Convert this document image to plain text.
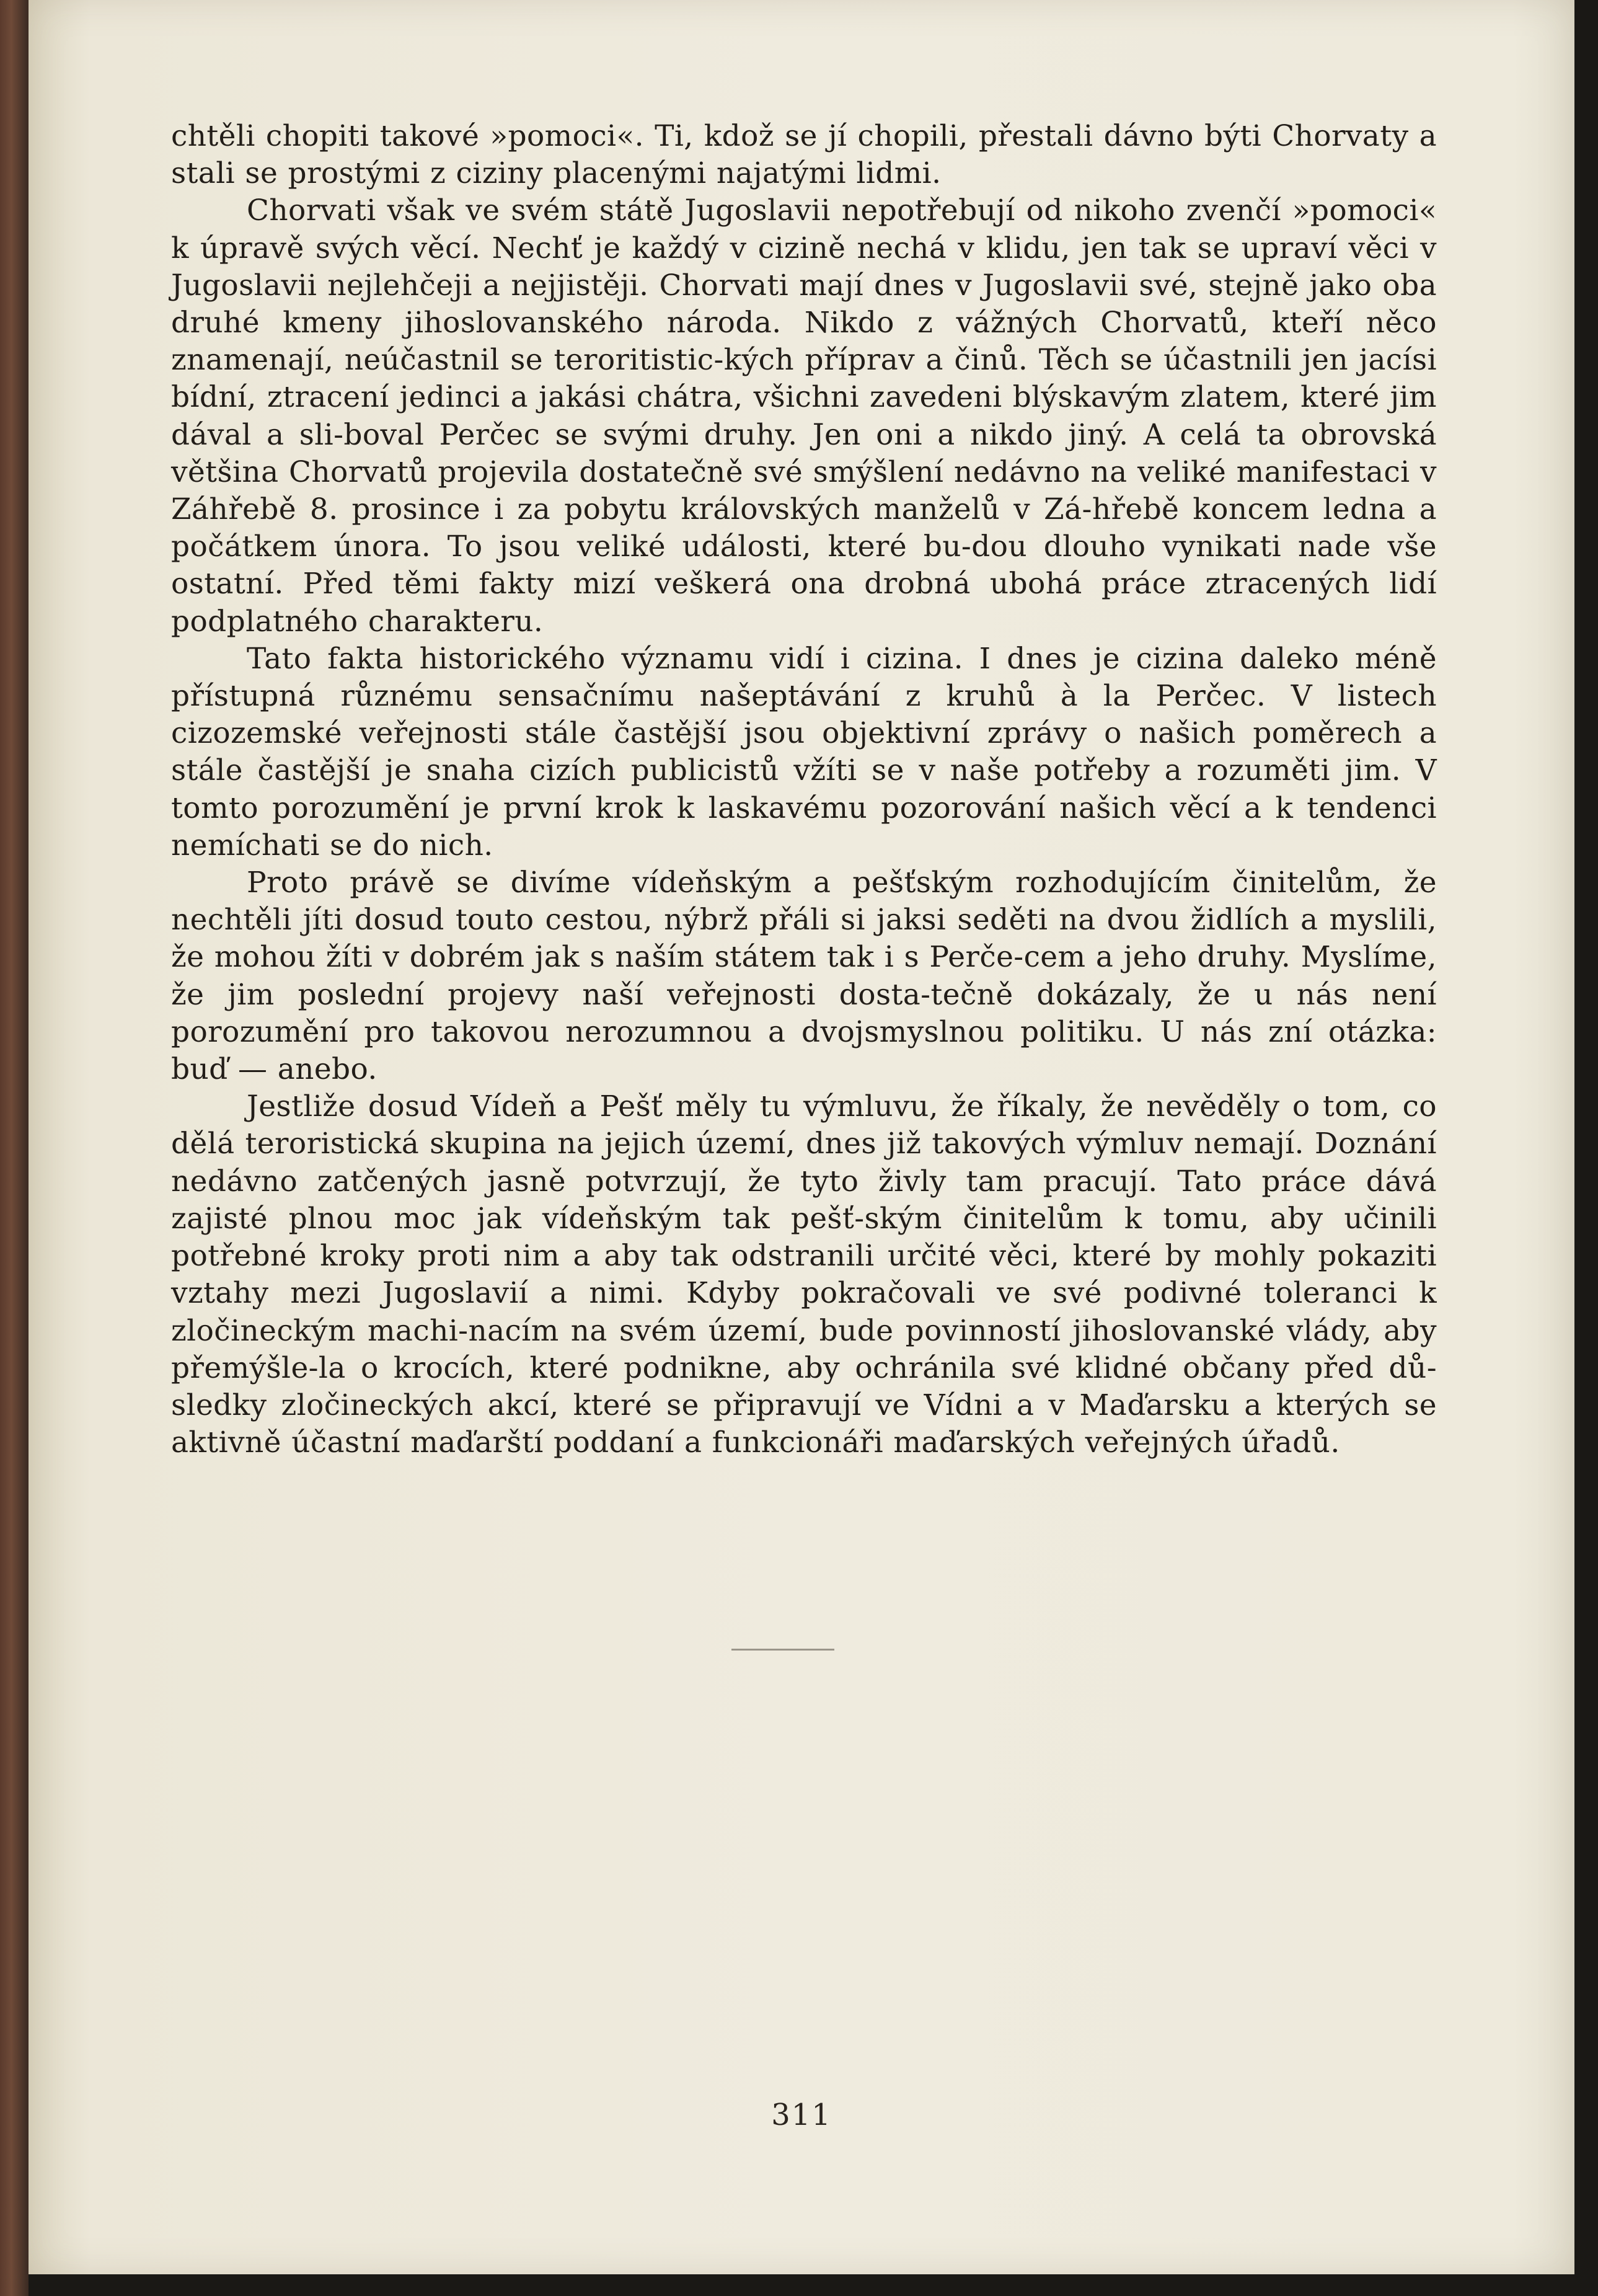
chtěli chopiti takové »pomoci«. Ti, kdož se jí chopili, přestali dávno býti Chorvaty a stali se prostými z ciziny placenými najatými lidmi.

Chorvati však ve svém státě Jugoslavii nepotřebují od nikoho zvenčí »pomoci« k úpravě svých věcí. Nechť je každý v cizině nechá v klidu, jen tak se upraví věci v Jugoslavii nejlehčeji a nejjistěji. Chorvati mají dnes v Jugoslavii své, stejně jako oba druhé kmeny jihoslovanského národa. Nikdo z vážných Chorvatů, kteří něco znamenají, neúčastnil se teroritistic-kých příprav a činů. Těch se účastnili jen jacísi bídní, ztracení jedinci a jakási chátra, všichni zavedeni blýskavým zlatem, které jim dával a sli-boval Perčec se svými druhy. Jen oni a nikdo jiný. A celá ta obrovská většina Chorvatů projevila dostatečně své smýšlení nedávno na veliké manifestaci v Záhřebě 8. prosince i za pobytu královských manželů v Zá-hřebě koncem ledna a počátkem února. To jsou veliké události, které bu-dou dlouho vynikati nade vše ostatní. Před těmi fakty mizí veškerá ona drobná ubohá práce ztracených lidí podplatného charakteru.

Tato fakta historického významu vidí i cizina. I dnes je cizina daleko méně přístupná různému sensačnímu našeptávání z kruhů à la Perčec. V listech cizozemské veřejnosti stále častější jsou objektivní zprávy o našich poměrech a stále častější je snaha cizích publicistů vžíti se v naše potřeby a rozuměti jim. V tomto porozumění je první krok k laskavému pozorování našich věcí a k tendenci nemíchati se do nich.

Proto právě se divíme vídeňským a pešťským rozhodujícím činitelům, že nechtěli jíti dosud touto cestou, nýbrž přáli si jaksi seděti na dvou židlích a myslili, že mohou žíti v dobrém jak s naším státem tak i s Perče-cem a jeho druhy. Myslíme, že jim poslední projevy naší veřejnosti dosta-tečně dokázaly, že u nás není porozumění pro takovou nerozumnou a dvojsmyslnou politiku. U nás zní otázka: buď — anebo.

Jestliže dosud Vídeň a Pešť měly tu výmluvu, že říkaly, že nevěděly o tom, co dělá teroristická skupina na jejich území, dnes již takových výmluv nemají. Doznání nedávno zatčených jasně potvrzují, že tyto živly tam pracují. Tato práce dává zajisté plnou moc jak vídeňským tak pešť-ským činitelům k tomu, aby učinili potřebné kroky proti nim a aby tak odstranili určité věci, které by mohly pokaziti vztahy mezi Jugoslavií a nimi. Kdyby pokračovali ve své podivné toleranci k zločineckým machi-nacím na svém území, bude povinností jihoslovanské vlády, aby přemýšle-la o krocích, které podnikne, aby ochránila své klidné občany před dů-sledky zločineckých akcí, které se připravují ve Vídni a v Maďarsku a kterých se aktivně účastní maďarští poddaní a funkcionáři maďarských veřejných úřadů.

311
